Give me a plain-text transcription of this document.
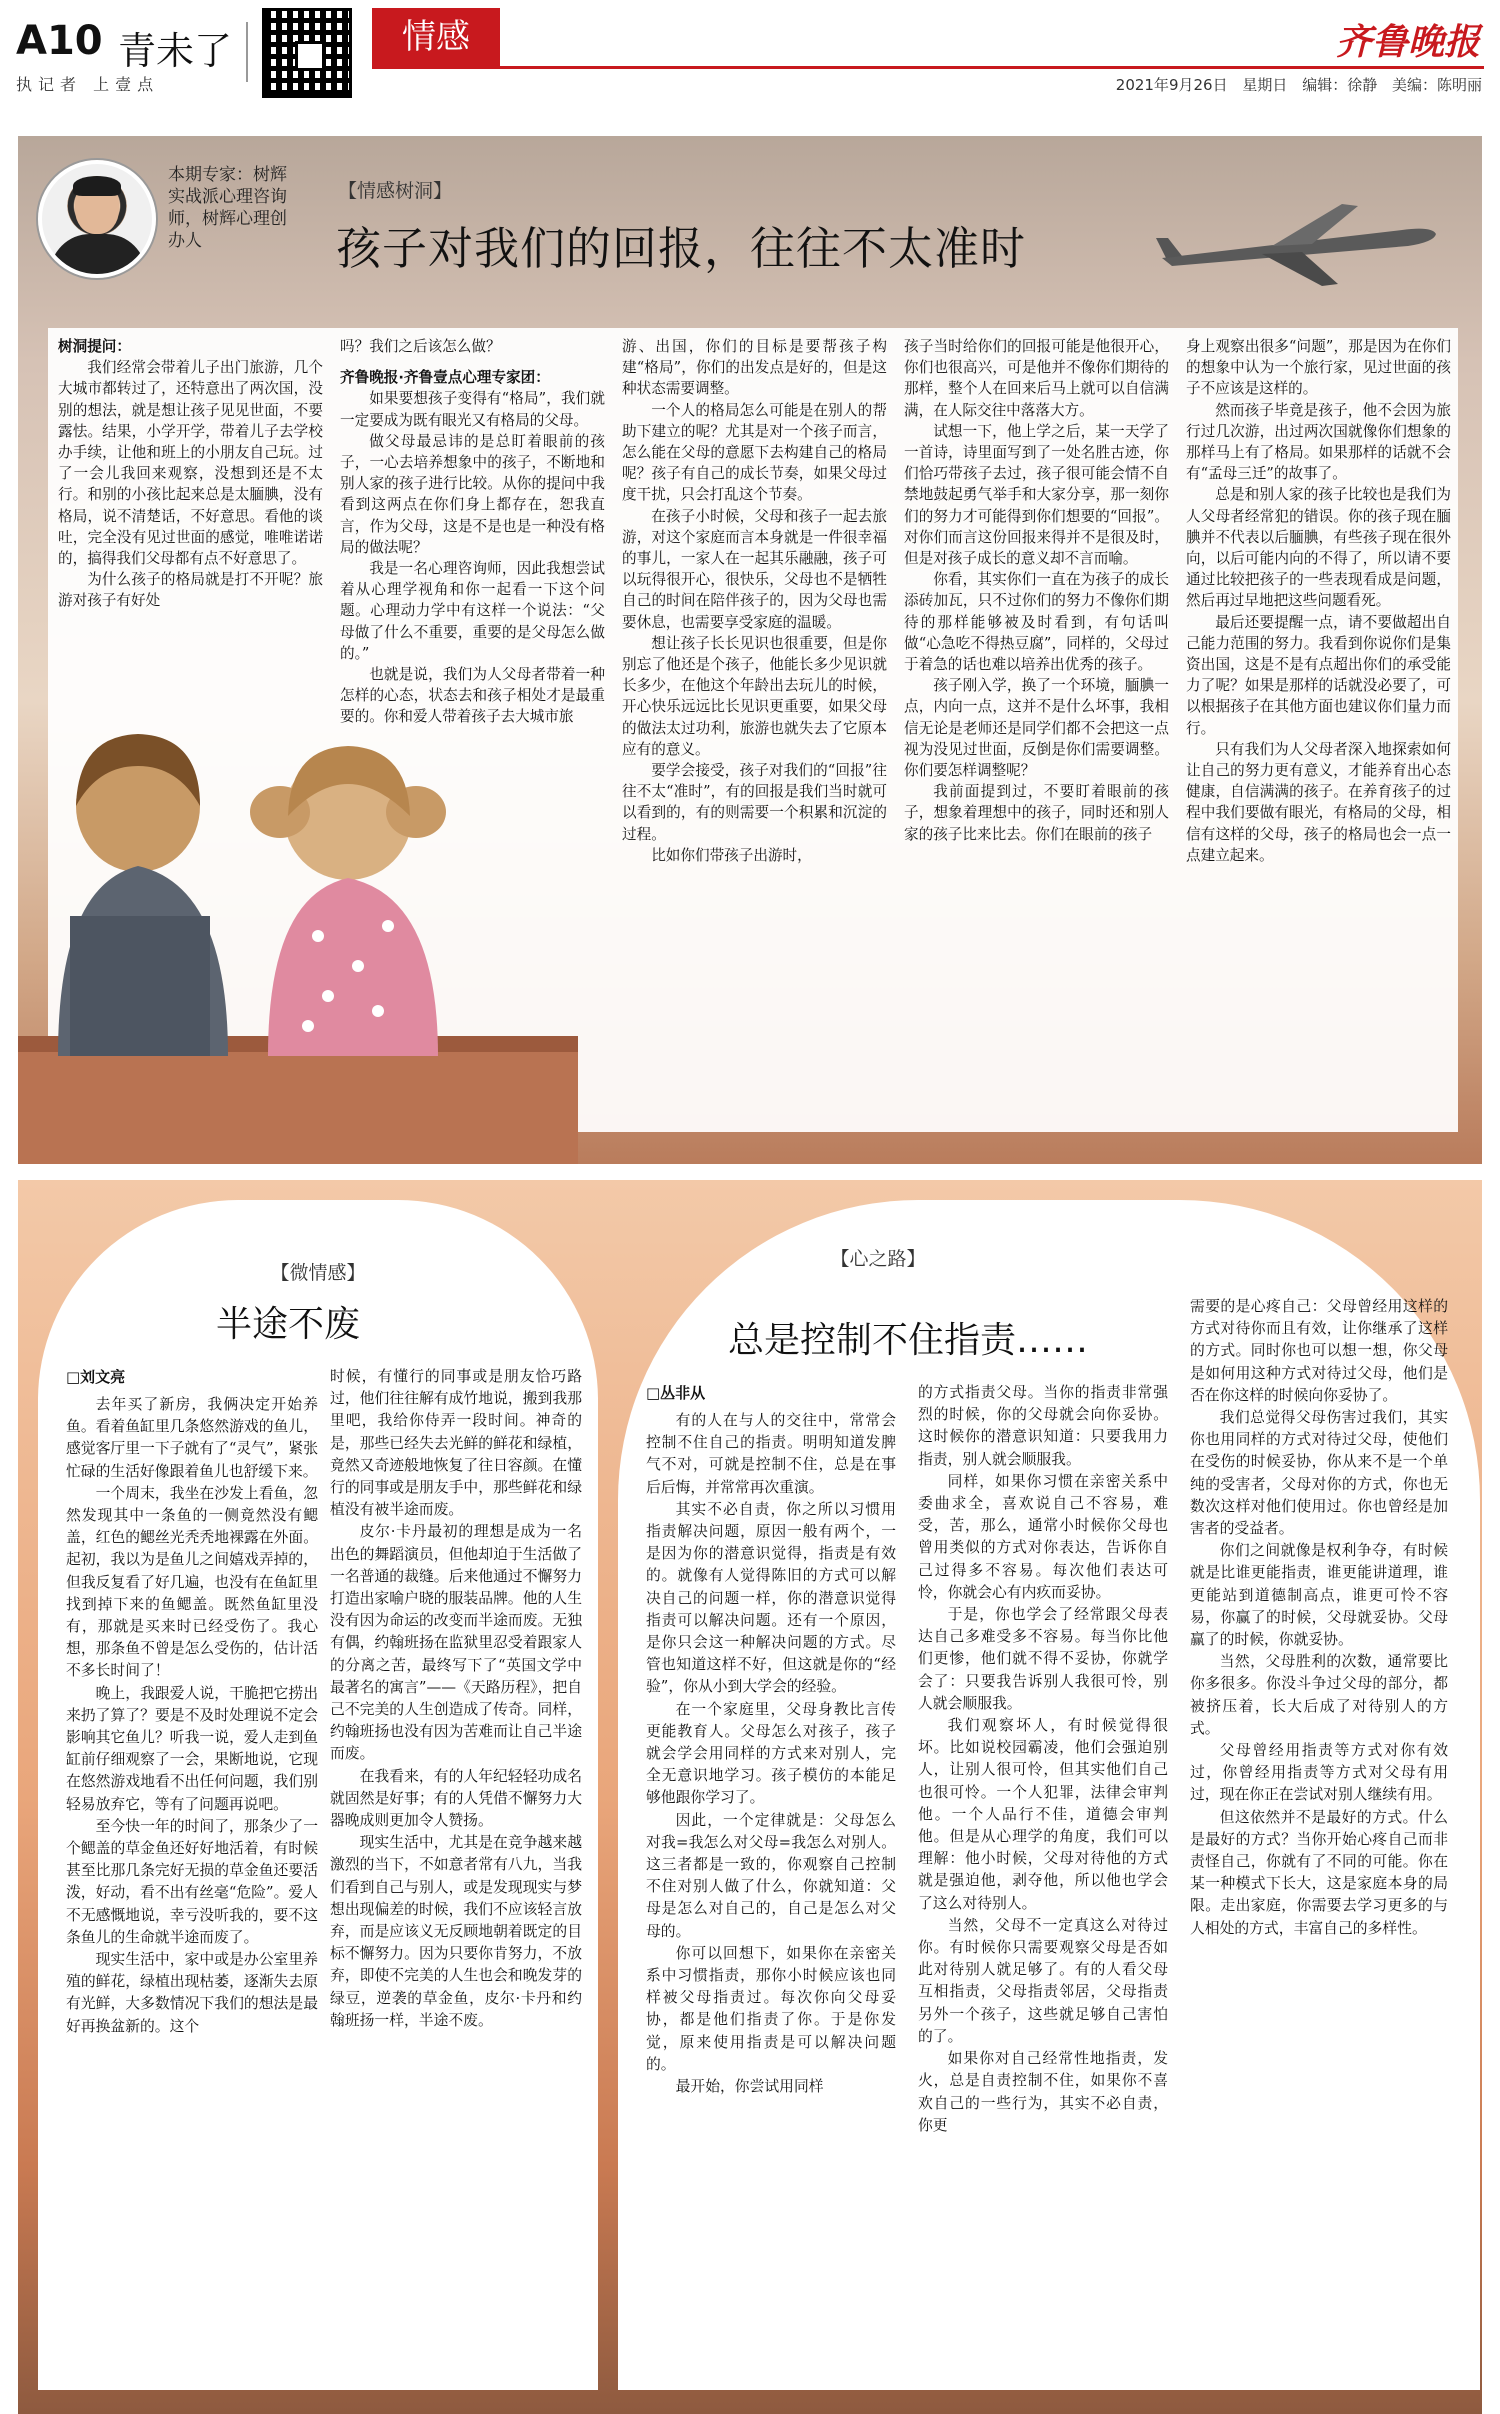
A10 青未了
执记者 上壹点
情感	齐鲁晚报
2021年9月26日 星期日 编辑：徐静 美编：陈明丽
本期专家：树辉
实战派心理咨询师，树辉心理创办人
【情感树洞】
孩子对我们的回报，往往不太准时

树洞提问：

我们经常会带着儿子出门旅游，几个大城市都转过了，还特意出了两次国，没别的想法，就是想让孩子见见世面，不要露怯。结果，小学开学，带着儿子去学校办手续，让他和班上的小朋友自己玩。过了一会儿我回来观察，没想到还是不太行。和别的小孩比起来总是太腼腆，没有格局，说不清楚话，不好意思。看他的谈吐，完全没有见过世面的感觉，唯唯诺诺的，搞得我们父母都有点不好意思了。

为什么孩子的格局就是打不开呢？旅游对孩子有好处

吗？我们之后该怎么做？

齐鲁晚报·齐鲁壹点心理专家团：

如果要想孩子变得有“格局”，我们就一定要成为既有眼光又有格局的父母。

做父母最忌讳的是总盯着眼前的孩子，一心去培养想象中的孩子，不断地和别人家的孩子进行比较。从你的提问中我看到这两点在你们身上都存在，恕我直言，作为父母，这是不是也是一种没有格局的做法呢？

我是一名心理咨询师，因此我想尝试着从心理学视角和你一起看一下这个问题。心理动力学中有这样一个说法：“父母做了什么不重要，重要的是父母怎么做的。”

也就是说，我们为人父母者带着一种怎样的心态，状态去和孩子相处才是最重要的。你和爱人带着孩子去大城市旅

游、出国，你们的目标是要帮孩子构建“格局”，你们的出发点是好的，但是这种状态需要调整。

一个人的格局怎么可能是在别人的帮助下建立的呢？尤其是对一个孩子而言，怎么能在父母的意愿下去构建自己的格局呢？孩子有自己的成长节奏，如果父母过度干扰，只会打乱这个节奏。

在孩子小时候，父母和孩子一起去旅游，对这个家庭而言本身就是一件很幸福的事儿，一家人在一起其乐融融，孩子可以玩得很开心，很快乐，父母也不是牺牲自己的时间在陪伴孩子的，因为父母也需要休息，也需要享受家庭的温暖。

想让孩子长长见识也很重要，但是你别忘了他还是个孩子，他能长多少见识就长多少，在他这个年龄出去玩儿的时候，开心快乐远远比长见识更重要，如果父母的做法太过功利，旅游也就失去了它原本应有的意义。

要学会接受，孩子对我们的“回报”往往不太“准时”，有的回报是我们当时就可以看到的，有的则需要一个积累和沉淀的过程。

比如你们带孩子出游时，

孩子当时给你们的回报可能是他很开心，你们也很高兴，可是他并不像你们期待的那样，整个人在回来后马上就可以自信满满，在人际交往中落落大方。

试想一下，他上学之后，某一天学了一首诗，诗里面写到了一处名胜古迹，你们恰巧带孩子去过，孩子很可能会情不自禁地鼓起勇气举手和大家分享，那一刻你们的努力才可能得到你们想要的“回报”。对你们而言这份回报来得并不是很及时，但是对孩子成长的意义却不言而喻。

你看，其实你们一直在为孩子的成长添砖加瓦，只不过你们的努力不像你们期待的那样能够被及时看到，有句话叫做“心急吃不得热豆腐”，同样的，父母过于着急的话也难以培养出优秀的孩子。

孩子刚入学，换了一个环境，腼腆一点，内向一点，这并不是什么坏事，我相信无论是老师还是同学们都不会把这一点视为没见过世面，反倒是你们需要调整。你们要怎样调整呢？

我前面提到过，不要盯着眼前的孩子，想象着理想中的孩子，同时还和别人家的孩子比来比去。你们在眼前的孩子

身上观察出很多“问题”，那是因为在你们的想象中认为一个旅行家，见过世面的孩子不应该是这样的。

然而孩子毕竟是孩子，他不会因为旅行过几次游，出过两次国就像你们想象的那样马上有了格局。如果那样的话就不会有“孟母三迁”的故事了。

总是和别人家的孩子比较也是我们为人父母者经常犯的错误。你的孩子现在腼腆并不代表以后腼腆，有些孩子现在很外向，以后可能内向的不得了，所以请不要通过比较把孩子的一些表现看成是问题，然后再过早地把这些问题看死。

最后还要提醒一点，请不要做超出自己能力范围的努力。我看到你说你们是集资出国，这是不是有点超出你们的承受能力了呢？如果是那样的话就没必要了，可以根据孩子在其他方面也建议你们量力而行。

只有我们为人父母者深入地探索如何让自己的努力更有意义，才能养育出心态健康，自信满满的孩子。在养育孩子的过程中我们要做有眼光，有格局的父母，相信有这样的父母，孩子的格局也会一点一点建立起来。

【微情感】
半途不废
□刘文亮

去年买了新房，我俩决定开始养鱼。看着鱼缸里几条悠然游戏的鱼儿，感觉客厅里一下子就有了“灵气”，紧张忙碌的生活好像跟着鱼儿也舒缓下来。

一个周末，我坐在沙发上看鱼，忽然发现其中一条鱼的一侧竟然没有鳃盖，红色的鳃丝光秃秃地裸露在外面。起初，我以为是鱼儿之间嬉戏弄掉的，但我反复看了好几遍，也没有在鱼缸里找到掉下来的鱼鳃盖。既然鱼缸里没有，那就是买来时已经受伤了。我心想，那条鱼不曾是怎么受伤的，估计活不多长时间了！

晚上，我跟爱人说，干脆把它捞出来扔了算了？要是不及时处理说不定会影响其它鱼儿？听我一说，爱人走到鱼缸前仔细观察了一会，果断地说，它现在悠然游戏地看不出任何问题，我们别轻易放弃它，等有了问题再说吧。

至今快一年的时间了，那条少了一个鳃盖的草金鱼还好好地活着，有时候甚至比那几条完好无损的草金鱼还要活泼，好动，看不出有丝毫“危险”。爱人不无感慨地说，幸亏没听我的，要不这条鱼儿的生命就半途而废了。

现实生活中，家中或是办公室里养殖的鲜花，绿植出现枯萎，逐渐失去原有光鲜，大多数情况下我们的想法是最好再换盆新的。这个

时候，有懂行的同事或是朋友恰巧路过，他们往往解有成竹地说，搬到我那里吧，我给你侍弄一段时间。神奇的是，那些已经失去光鲜的鲜花和绿植，竟然又奇迹般地恢复了往日容颜。在懂行的同事或是朋友手中，那些鲜花和绿植没有被半途而废。

皮尔·卡丹最初的理想是成为一名出色的舞蹈演员，但他却迫于生活做了一名普通的裁缝。后来他通过不懈努力打造出家喻户晓的服装品牌。他的人生没有因为命运的改变而半途而废。无独有偶，约翰班扬在监狱里忍受着跟家人的分离之苦，最终写下了“英国文学中最著名的寓言”——《天路历程》，把自己不完美的人生创造成了传奇。同样，约翰班扬也没有因为苦难而让自己半途而废。

在我看来，有的人年纪轻轻功成名就固然是好事；有的人凭借不懈努力大器晚成则更加令人赞扬。

现实生活中，尤其是在竞争越来越激烈的当下，不如意者常有八九，当我们看到自己与别人，或是发现现实与梦想出现偏差的时候，我们不应该轻言放弃，而是应该义无反顾地朝着既定的目标不懈努力。因为只要你肯努力，不放弃，即使不完美的人生也会和晚发芽的绿豆，逆袭的草金鱼，皮尔·卡丹和约翰班扬一样，半途不废。

【心之路】
总是控制不住指责……
□丛非从

有的人在与人的交往中，常常会控制不住自己的指责。明明知道发脾气不对，可就是控制不住，总是在事后后悔，并常常再次重演。

其实不必自责，你之所以习惯用指责解决问题，原因一般有两个，一是因为你的潜意识觉得，指责是有效的。就像有人觉得陈旧的方式可以解决自己的问题一样，你的潜意识觉得指责可以解决问题。还有一个原因，是你只会这一种解决问题的方式。尽管也知道这样不好，但这就是你的“经验”，你从小到大学会的经验。

在一个家庭里，父母身教比言传更能教育人。父母怎么对孩子，孩子就会学会用同样的方式来对别人，完全无意识地学习。孩子模仿的本能足够他跟你学习了。

因此，一个定律就是：父母怎么对我=我怎么对父母=我怎么对别人。这三者都是一致的，你观察自己控制不住对别人做了什么，你就知道：父母是怎么对自己的，自己是怎么对父母的。

你可以回想下，如果你在亲密关系中习惯指责，那你小时候应该也同样被父母指责过。每次你向父母妥协，都是他们指责了你。于是你发觉，原来使用指责是可以解决问题的。

最开始，你尝试用同样

的方式指责父母。当你的指责非常强烈的时候，你的父母就会向你妥协。这时候你的潜意识知道：只要我用力指责，别人就会顺服我。

同样，如果你习惯在亲密关系中委曲求全，喜欢说自己不容易，难受，苦，那么，通常小时候你父母也曾用类似的方式对你表达，告诉你自己过得多不容易。每次他们表达可怜，你就会心有内疚而妥协。

于是，你也学会了经常跟父母表达自己多难受多不容易。每当你比他们更惨，他们就不得不妥协，你就学会了：只要我告诉别人我很可怜，别人就会顺服我。

我们观察坏人，有时候觉得很坏。比如说校园霸凌，他们会强迫别人，让别人很可怜，但其实他们自己也很可怜。一个人犯罪，法律会审判他。一个人品行不佳，道德会审判他。但是从心理学的角度，我们可以理解：他小时候，父母对待他的方式就是强迫他，剥夺他，所以他也学会了这么对待别人。

当然，父母不一定真这么对待过你。有时候你只需要观察父母是否如此对待别人就足够了。有的人看父母互相指责，父母指责邻居，父母指责另外一个孩子，这些就足够自己害怕的了。

如果你对自己经常性地指责，发火，总是自责控制不住，如果你不喜欢自己的一些行为，其实不必自责，你更

需要的是心疼自己：父母曾经用这样的方式对待你而且有效，让你继承了这样的方式。同时你也可以想一想，你父母是如何用这种方式对待过父母，他们是否在你这样的时候向你妥协了。

我们总觉得父母伤害过我们，其实你也用同样的方式对待过父母，使他们在受伤的时候妥协，你从来不是一个单纯的受害者，父母对你的方式，你也无数次这样对他们使用过。你也曾经是加害者的受益者。

你们之间就像是权利争夺，有时候就是比谁更能指责，谁更能讲道理，谁更能站到道德制高点，谁更可怜不容易，你赢了的时候，父母就妥协。父母赢了的时候，你就妥协。

当然，父母胜利的次数，通常要比你多很多。你没斗争过父母的部分，都被挤压着，长大后成了对待别人的方式。

父母曾经用指责等方式对你有效过，你曾经用指责等方式对父母有用过，现在你正在尝试对别人继续有用。

但这依然并不是最好的方式。什么是最好的方式？当你开始心疼自己而非责怪自己，你就有了不同的可能。你在某一种模式下长大，这是家庭本身的局限。走出家庭，你需要去学习更多的与人相处的方式，丰富自己的多样性。
